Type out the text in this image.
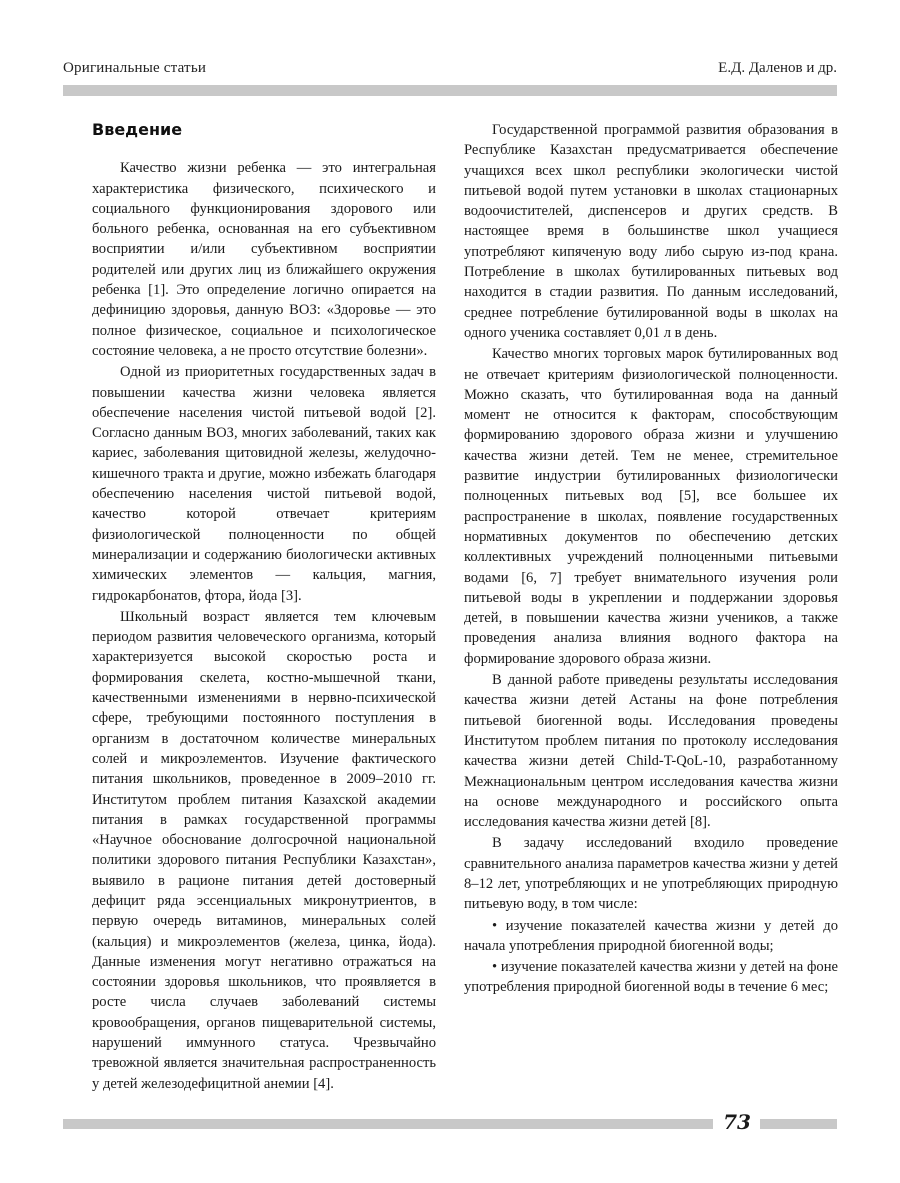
Оригинальные статьи	Е.Д. Даленов и др.
Введение

Качество жизни ребенка — это интегральная характеристика физического, психического и социального функционирования здорового или больного ребенка, основанная на его субъективном восприятии и/или субъективном восприятии родителей или других лиц из ближайшего окружения ребенка [1]. Это определение логично опирается на дефиницию здоровья, данную ВОЗ: «Здоровье — это полное физическое, социальное и психологическое состояние человека, а не просто отсутствие болезни».

Одной из приоритетных государственных задач в повышении качества жизни человека является обеспечение населения чистой питьевой водой [2]. Согласно данным ВОЗ, многих заболеваний, таких как кариес, заболевания щитовидной железы, желудочно-кишечного тракта и другие, можно избежать благодаря обеспечению населения чистой питьевой водой, качество которой отвечает критериям физиологической полноценности по общей минерализации и содержанию биологически активных химических элементов — кальция, магния, гидрокарбонатов, фтора, йода [3].

Школьный возраст является тем ключевым периодом развития человеческого организма, который характеризуется высокой скоростью роста и формирования скелета, костно-мышечной ткани, качественными изменениями в нервно-психической сфере, требующими постоянного поступления в организм в достаточном количестве минеральных солей и микроэлементов. Изучение фактического питания школьников, проведенное в 2009–2010 гг. Институтом проблем питания Казахской академии питания в рамках государственной программы «Научное обоснование долгосрочной национальной политики здорового питания Республики Казахстан», выявило в рационе питания детей достоверный дефицит ряда эссенциальных микронутриентов, в первую очередь витаминов, минеральных солей (кальция) и микроэлементов (железа, цинка, йода). Данные изменения могут негативно отражаться на состоянии здоровья школьников, что проявляется в росте числа случаев заболеваний системы кровообращения, органов пищеварительной системы, нарушений иммунного статуса. Чрезвычайно тревожной является значительная распространенность у детей железодефицитной анемии [4].

Государственной программой развития образования в Республике Казахстан предусматривается обеспечение учащихся всех школ республики экологически чистой питьевой водой путем установки в школах стационарных водоочистителей, диспенсеров и других средств. В настоящее время в большинстве школ учащиеся употребляют кипяченую воду либо сырую из-под крана. Потребление в школах бутилированных питьевых вод находится в стадии развития. По данным исследований, среднее потребление бутилированной воды в школах на одного ученика составляет 0,01 л в день.

Качество многих торговых марок бутилированных вод не отвечает критериям физиологической полноценности. Можно сказать, что бутилированная вода на данный момент не относится к факторам, способствующим формированию здорового образа жизни и улучшению качества жизни детей. Тем не менее, стремительное развитие индустрии бутилированных физиологически полноценных питьевых вод [5], все большее их распространение в школах, появление государственных нормативных документов по обеспечению детских коллективных учреждений полноценными питьевыми водами [6, 7] требует внимательного изучения роли питьевой воды в укреплении и поддержании здоровья детей, в повышении качества жизни учеников, а также проведения анализа влияния водного фактора на формирование здорового образа жизни.

В данной работе приведены результаты исследования качества жизни детей Астаны на фоне потребления питьевой биогенной воды. Исследования проведены Институтом проблем питания по протоколу исследования качества жизни детей Child-T-QoL-10, разработанному Межнациональным центром исследования качества жизни на основе международного и российского опыта исследования качества жизни детей [8].

В задачу исследований входило проведение сравнительного анализа параметров качества жизни у детей 8–12 лет, употребляющих и не употребляющих природную питьевую воду, в том числе:

• изучение показателей качества жизни у детей до начала употребления природной биогенной воды;

• изучение показателей качества жизни у детей на фоне употребления природной биогенной воды в течение 6 мес;

73
